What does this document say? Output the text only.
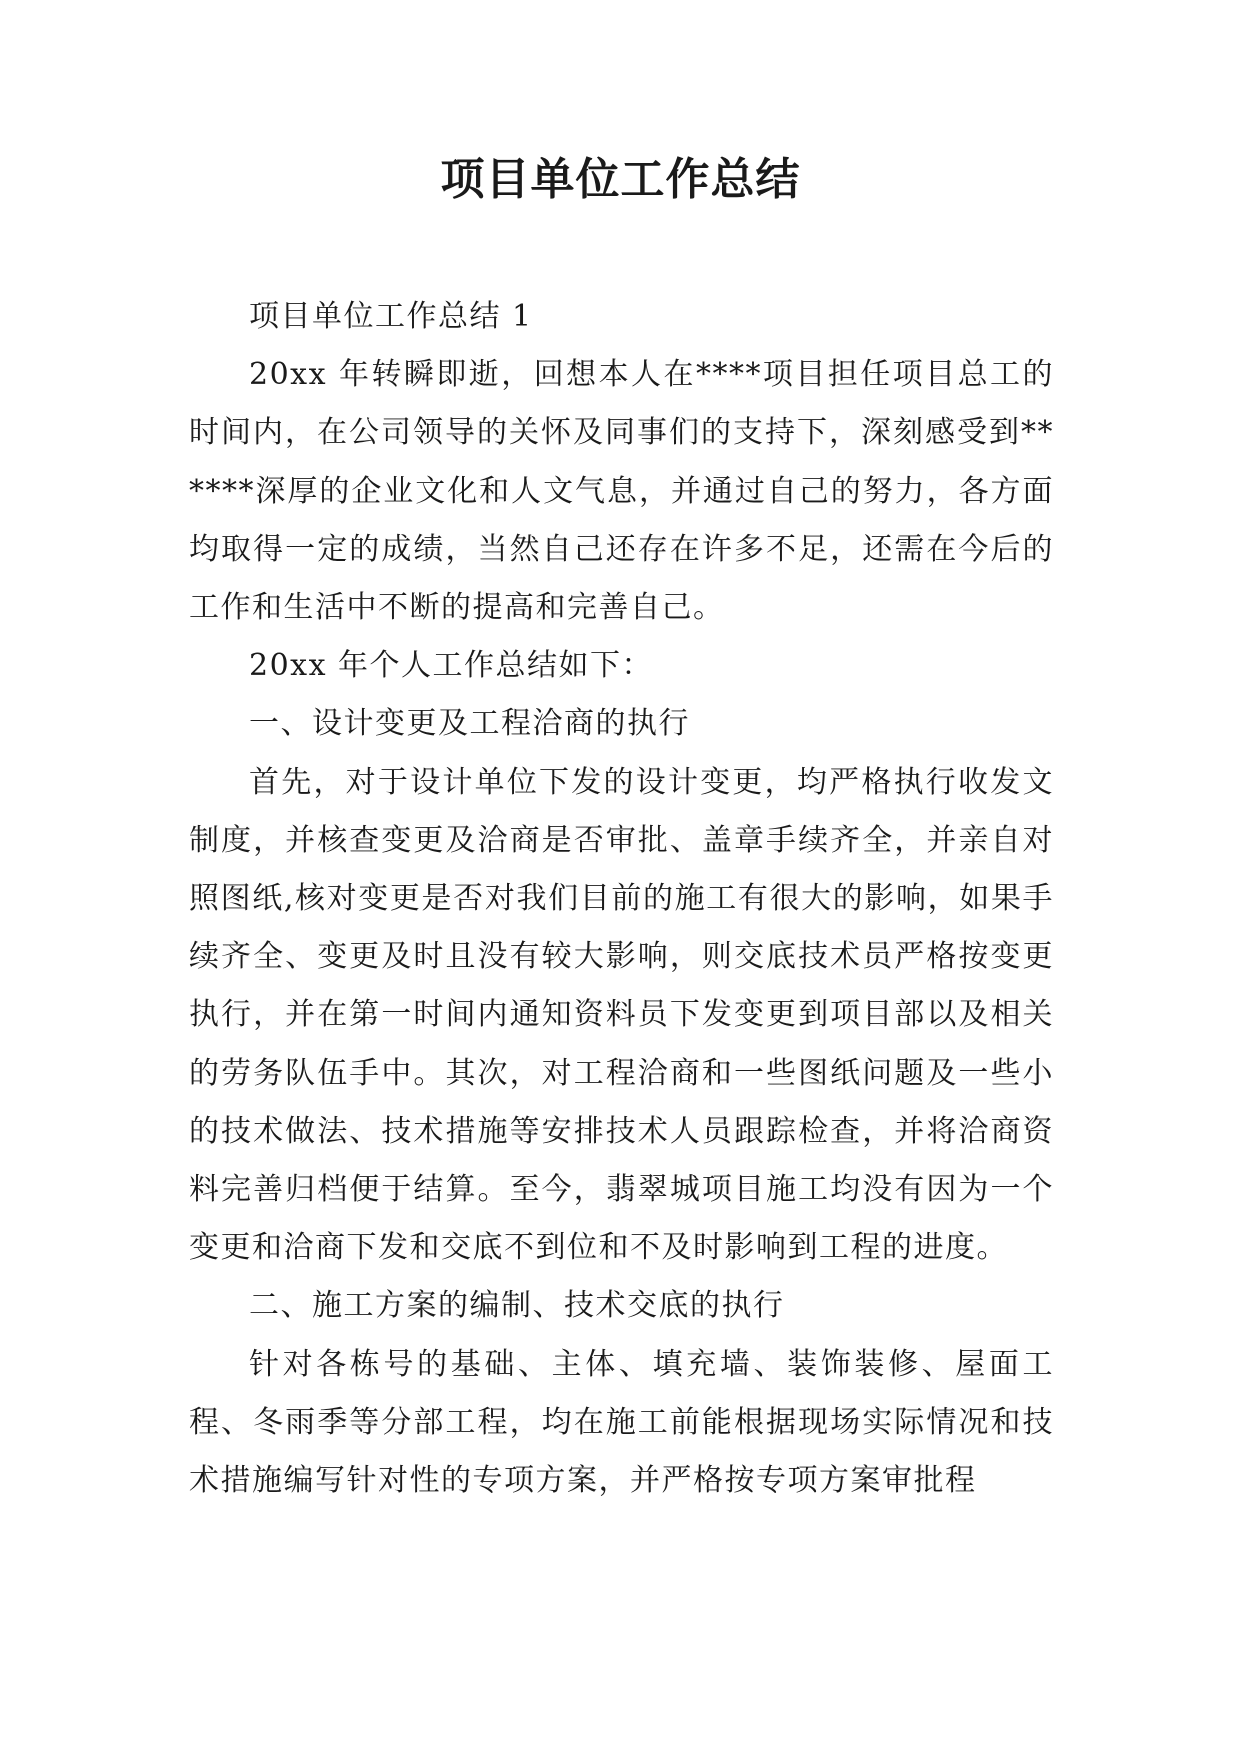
项目单位工作总结

项目单位工作总结 1

20xx 年转瞬即逝，回想本人在****项目担任项目总工的时间内，在公司领导的关怀及同事们的支持下，深刻感受到******深厚的企业文化和人文气息，并通过自己的努力，各方面均取得一定的成绩，当然自己还存在许多不足，还需在今后的工作和生活中不断的提高和完善自己。

20xx 年个人工作总结如下：

一、设计变更及工程洽商的执行

首先，对于设计单位下发的设计变更，均严格执行收发文制度，并核查变更及洽商是否审批、盖章手续齐全，并亲自对照图纸,核对变更是否对我们目前的施工有很大的影响，如果手续齐全、变更及时且没有较大影响，则交底技术员严格按变更执行，并在第一时间内通知资料员下发变更到项目部以及相关的劳务队伍手中。其次，对工程洽商和一些图纸问题及一些小的技术做法、技术措施等安排技术人员跟踪检查，并将洽商资料完善归档便于结算。至今，翡翠城项目施工均没有因为一个变更和洽商下发和交底不到位和不及时影响到工程的进度。

二、施工方案的编制、技术交底的执行

针对各栋号的基础、主体、填充墙、装饰装修、屋面工程、冬雨季等分部工程，均在施工前能根据现场实际情况和技术措施编写针对性的专项方案，并严格按专项方案审批程
